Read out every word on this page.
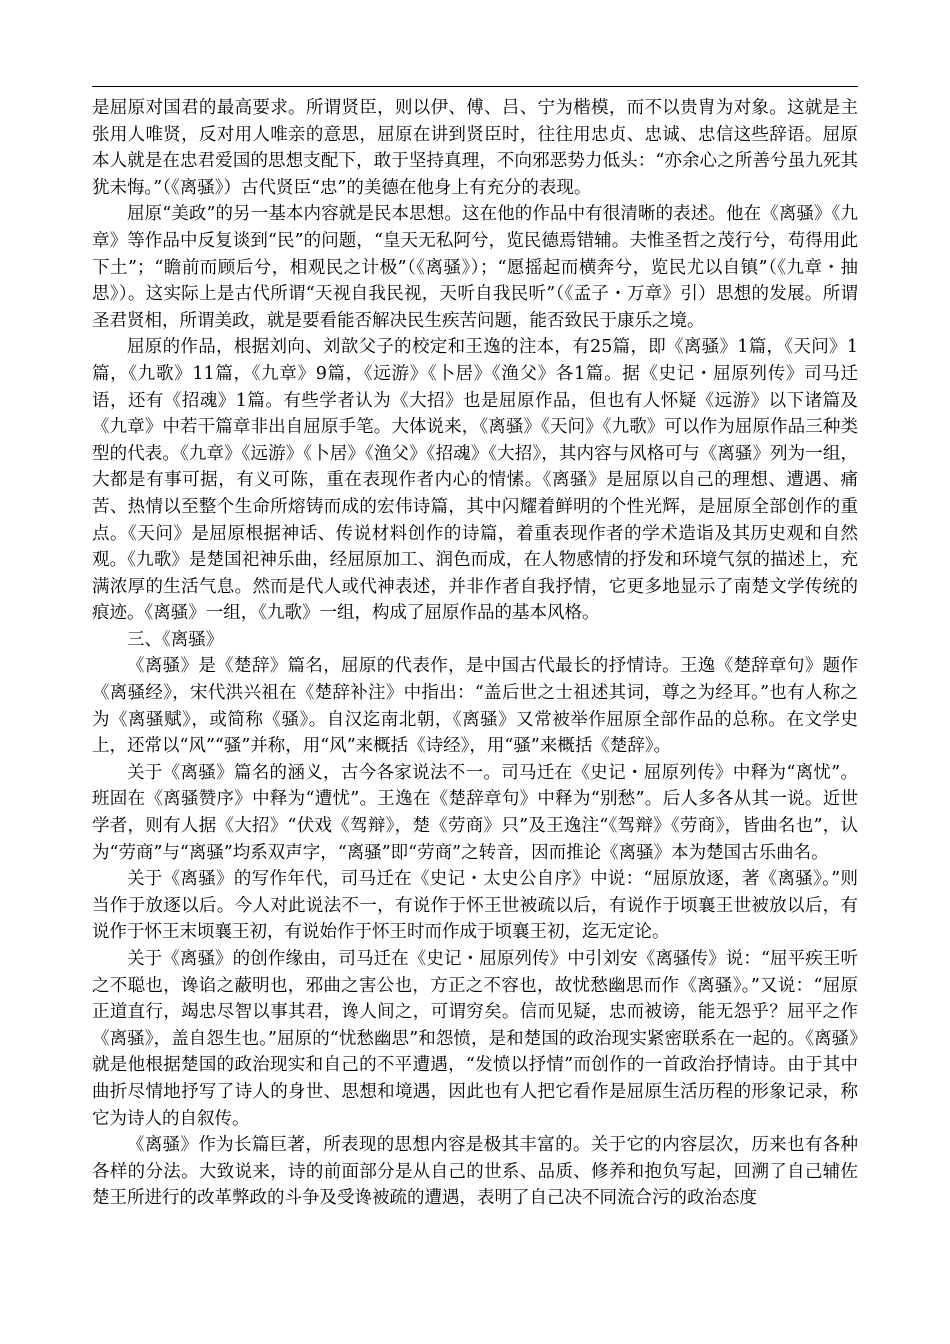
是屈原对国君的最高要求。所谓贤臣，则以伊、傅、吕、宁为楷模，而不以贵胄为对象。这就是主张用人唯贤，反对用人唯亲的意思，屈原在讲到贤臣时，往往用忠贞、忠诚、忠信这些辞语。屈原本人就是在忠君爱国的思想支配下，敢于坚持真理，不向邪恶势力低头：“亦余心之所善兮虽九死其犹未悔。”（《离骚》）古代贤臣“忠”的美德在他身上有充分的表现。

屈原“美政”的另一基本内容就是民本思想。这在他的作品中有很清晰的表述。他在《离骚》《九章》等作品中反复谈到“民”的问题，“皇天无私阿兮，览民德焉错辅。夫惟圣哲之茂行兮，苟得用此下土”；“瞻前而顾后兮，相观民之计极”（《离骚》）；“愿摇起而横奔兮，览民尤以自镇”（《九章・抽思》）。这实际上是古代所谓“天视自我民视，天听自我民听”（《孟子・万章》引）思想的发展。所谓圣君贤相，所谓美政，就是要看能否解决民生疾苦问题，能否致民于康乐之境。

屈原的作品，根据刘向、刘歆父子的校定和王逸的注本，有25篇，即《离骚》1篇，《天问》1篇，《九歌》11篇，《九章》9篇，《远游》《卜居》《渔父》各1篇。据《史记・屈原列传》司马迁语，还有《招魂》1篇。有些学者认为《大招》也是屈原作品，但也有人怀疑《远游》以下诸篇及《九章》中若干篇章非出自屈原手笔。大体说来，《离骚》《天问》《九歌》可以作为屈原作品三种类型的代表。《九章》《远游》《卜居》《渔父》《招魂》《大招》，其内容与风格可与《离骚》列为一组，大都是有事可据，有义可陈，重在表现作者内心的情愫。《离骚》是屈原以自己的理想、遭遇、痛苦、热情以至整个生命所熔铸而成的宏伟诗篇，其中闪耀着鲜明的个性光辉，是屈原全部创作的重点。《天问》是屈原根据神话、传说材料创作的诗篇，着重表现作者的学术造诣及其历史观和自然观。《九歌》是楚国祀神乐曲，经屈原加工、润色而成，在人物感情的抒发和环境气氛的描述上，充满浓厚的生活气息。然而是代人或代神表述，并非作者自我抒情，它更多地显示了南楚文学传统的痕迹。《离骚》一组，《九歌》一组，构成了屈原作品的基本风格。

三、《离骚》

《离骚》是《楚辞》篇名，屈原的代表作，是中国古代最长的抒情诗。王逸《楚辞章句》题作《离骚经》，宋代洪兴祖在《楚辞补注》中指出：“盖后世之士祖述其词，尊之为经耳。”也有人称之为《离骚赋》，或简称《骚》。自汉迄南北朝，《离骚》又常被举作屈原全部作品的总称。在文学史上，还常以“风”“骚”并称，用“风”来概括《诗经》，用“骚”来概括《楚辞》。

关于《离骚》篇名的涵义，古今各家说法不一。司马迁在《史记・屈原列传》中释为“离忧”。班固在《离骚赞序》中释为“遭忧”。王逸在《楚辞章句》中释为“别愁”。后人多各从其一说。近世学者，则有人据《大招》“伏戏《驾辩》，楚《劳商》只”及王逸注“《驾辩》《劳商》，皆曲名也”，认为“劳商”与“离骚”均系双声字，“离骚”即“劳商”之转音，因而推论《离骚》本为楚国古乐曲名。

关于《离骚》的写作年代，司马迁在《史记・太史公自序》中说：“屈原放逐，著《离骚》。”则当作于放逐以后。今人对此说法不一，有说作于怀王世被疏以后，有说作于顷襄王世被放以后，有说作于怀王末顷襄王初，有说始作于怀王时而作成于顷襄王初，迄无定论。

关于《离骚》的创作缘由，司马迁在《史记・屈原列传》中引刘安《离骚传》说：“屈平疾王听之不聪也，谗谄之蔽明也，邪曲之害公也，方正之不容也，故忧愁幽思而作《离骚》。”又说：“屈原正道直行，竭忠尽智以事其君，谗人间之，可谓穷矣。信而见疑，忠而被谤，能无怨乎？屈平之作《离骚》，盖自怨生也。”屈原的“忧愁幽思”和怨愤，是和楚国的政治现实紧密联系在一起的。《离骚》就是他根据楚国的政治现实和自己的不平遭遇，“发愤以抒情”而创作的一首政治抒情诗。由于其中曲折尽情地抒写了诗人的身世、思想和境遇，因此也有人把它看作是屈原生活历程的形象记录，称它为诗人的自叙传。

《离骚》作为长篇巨著，所表现的思想内容是极其丰富的。关于它的内容层次，历来也有各种各样的分法。大致说来，诗的前面部分是从自己的世系、品质、修养和抱负写起，回溯了自己辅佐楚王所进行的改革弊政的斗争及受谗被疏的遭遇，表明了自己决不同流合污的政治态度
